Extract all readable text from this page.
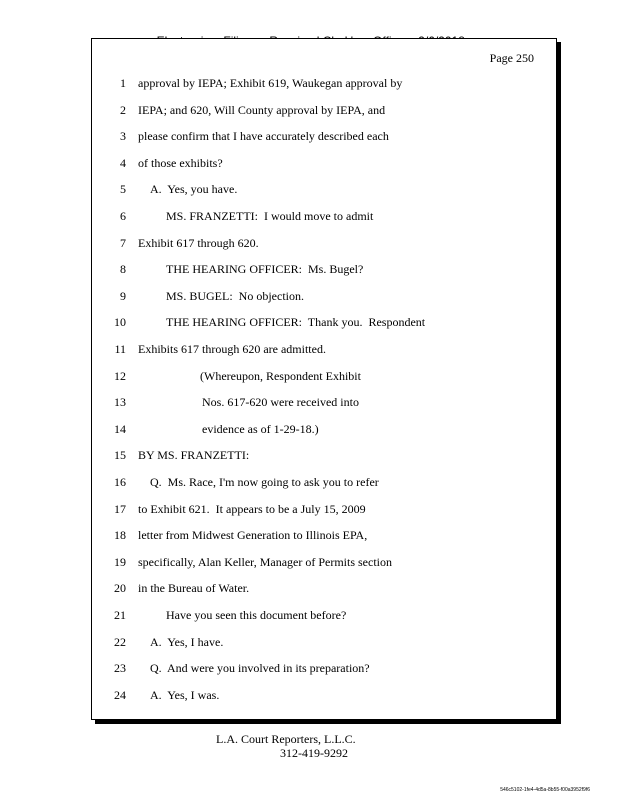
Page 250
1 approval by IEPA; Exhibit 619, Waukegan approval by
2 IEPA; and 620, Will County approval by IEPA, and
3 please confirm that I have accurately described each
4 of those exhibits?
5 A.  Yes, you have.
6	MS. FRANZETTI:  I would move to admit
7 Exhibit 617 through 620.
8	THE HEARING OFFICER:  Ms. Bugel?
9	MS. BUGEL:  No objection.
10	THE HEARING OFFICER:  Thank you.  Respondent
11 Exhibits 617 through 620 are admitted.
12	(Whereupon, Respondent Exhibit
13	Nos. 617-620 were received into
14	evidence as of 1-29-18.)
15 BY MS. FRANZETTI:
16 Q.  Ms. Race, I'm now going to ask you to refer
17 to Exhibit 621.  It appears to be a July 15, 2009
18 letter from Midwest Generation to Illinois EPA,
19 specifically, Alan Keller, Manager of Permits section
20 in the Bureau of Water.
21	Have you seen this document before?
22 A.  Yes, I have.
23 Q.  And were you involved in its preparation?
24 A.  Yes, I was.
L.A. Court Reporters, L.L.C.
312-419-9292
546c5102-1fe4-4d5a-8b55-f00a3952f9f6
